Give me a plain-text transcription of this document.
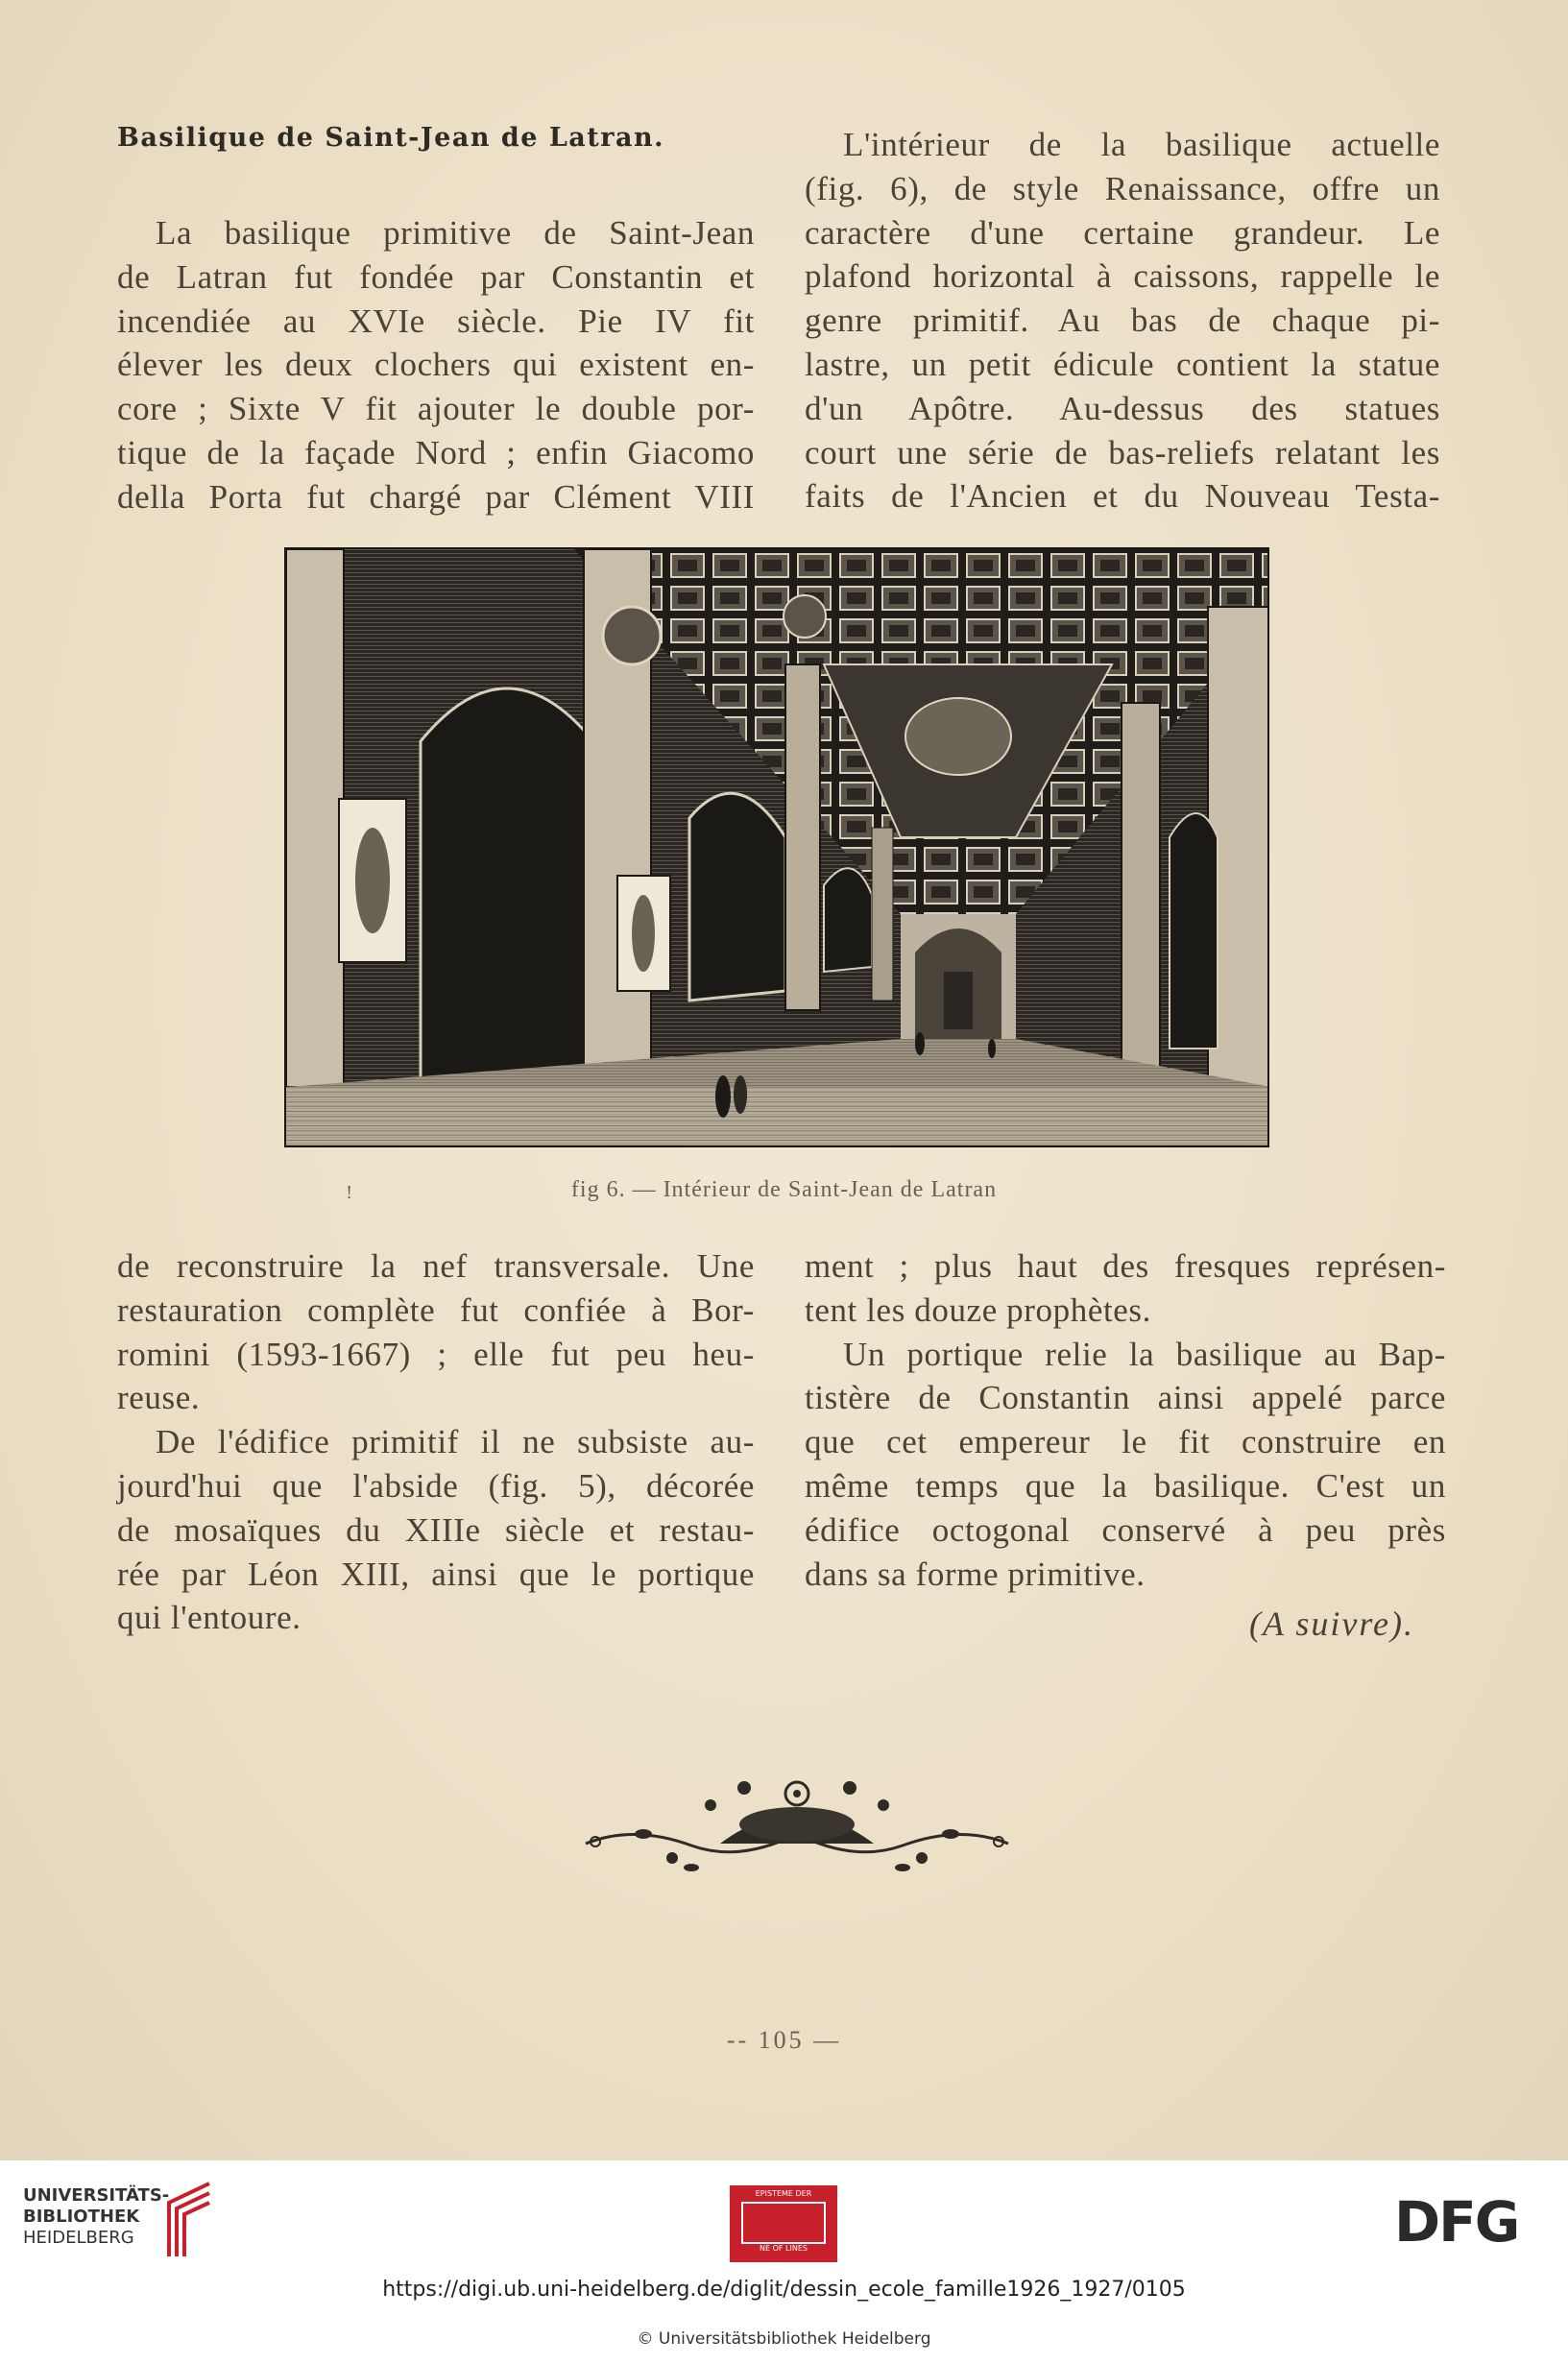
Basilique de Saint-Jean de Latran.

La basilique primitive de Saint-Jean

de Latran fut fondée par Constantin et

incendiée au XVIe siècle. Pie IV fit

élever les deux clochers qui existent en-

core ; Sixte V fit ajouter le double por-

tique de la façade Nord ; enfin Giacomo

della Porta fut chargé par Clément VIII

L'intérieur de la basilique actuelle

(fig. 6), de style Renaissance, offre un

caractère d'une certaine grandeur. Le

plafond horizontal à caissons, rappelle le

genre primitif. Au bas de chaque pi-

lastre, un petit édicule contient la statue

d'un Apôtre. Au-dessus des statues

court une série de bas-reliefs relatant les

faits de l'Ancien et du Nouveau Testa-

!	fig 6. — Intérieur de Saint-Jean de Latran

de reconstruire la nef transversale. Une

restauration complète fut confiée à Bor-

romini (1593-1667) ; elle fut peu heu-

reuse.

De l'édifice primitif il ne subsiste au-

jourd'hui que l'abside (fig. 5), décorée

de mosaïques du XIIIe siècle et restau-

rée par Léon XIII, ainsi que le portique

qui l'entoure.

ment ; plus haut des fresques représen-

tent les douze prophètes.

Un portique relie la basilique au Bap-

tistère de Constantin ainsi appelé parce

que cet empereur le fit construire en

même temps que la basilique. C'est un

édifice octogonal conservé à peu près

dans sa forme primitive.

(A suivre).
-- 105 —
UNIVERSITÄTS-
BIBLIOTHEK
HEIDELBERG
EPISTEME DER
NE OF LINES	DFG
https://digi.ub.uni-heidelberg.de/diglit/dessin_ecole_famille1926_1927/0105
© Universitätsbibliothek Heidelberg
